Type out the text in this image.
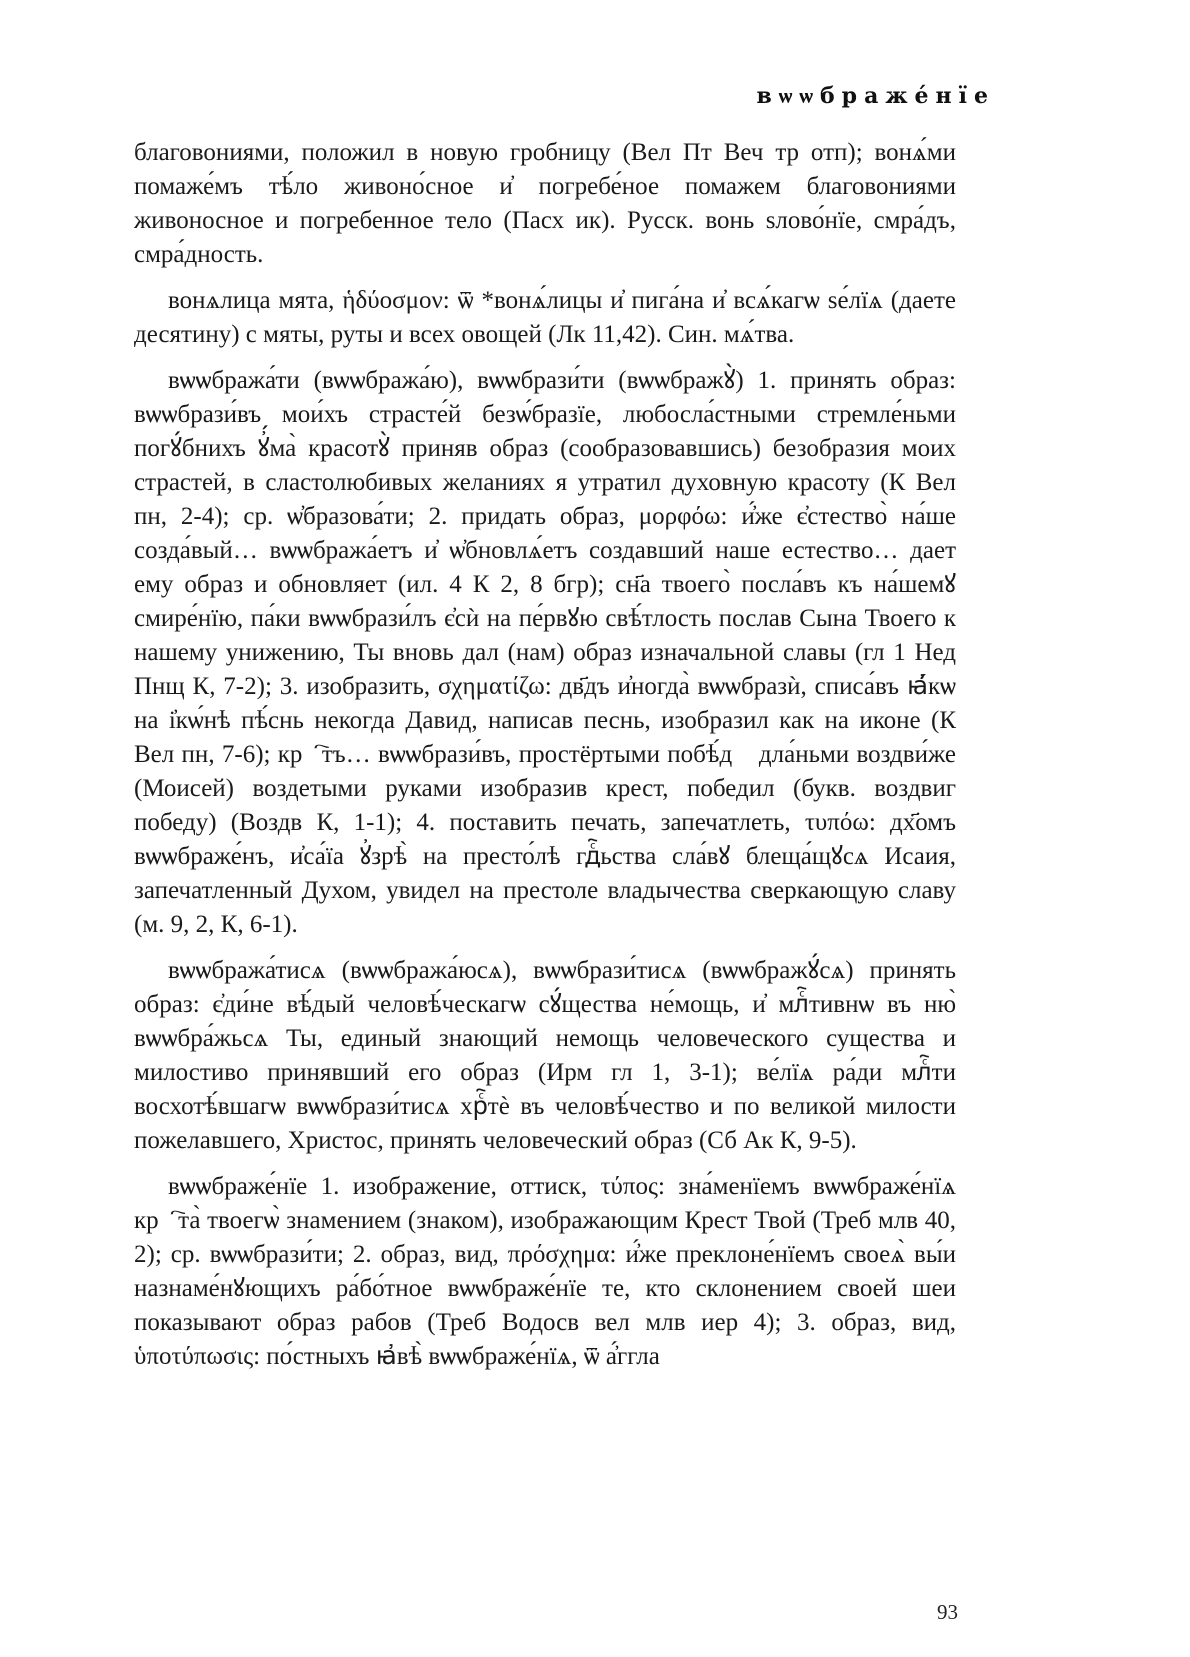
вѡѡбраже́нїе

благовониями, положил в новую гробницу (Вел Пт Веч тр отп); вонѧ́ми помаже́мъ тѣ́ло живоно́сное и҆ погребе́ное помажем благовониями живоносное и погребенное тело (Пасх ик). Русск. вонь ѕлово́нїе, смра́дъ, смра́дность.

вонѧлица мята, ἡδύοσμον: ѿ *вонѧ́лицы и҆ пига́на и҆ всѧ́кагѡ ѕе́лїѧ (даете десятину) с мяты, руты и всех овощей (Лк 11,42). Син. мѧ́тва.

вѡѡбража́ти (вѡѡбража́ю), вѡѡбрази́ти (вѡѡбражꙋ̀) 1. принять образ: вѡѡбрази́въ мои́хъ страсте́й безѡ́бразїе, любосла́стными стремле́ньми погꙋ́бнихъ ꙋ҆́ма̀ красотꙋ̀ приняв образ (сообразовавшись) безобразия моих страстей, в сластолюбивых желаниях я утратил духовную красоту (К Вел пн, 2-4); ср. ѡ҆бразова́ти; 2. придать образ, μορφόω: и҆́же є҆стество̀ на́ше созда́вый… вѡѡбража́етъ и҆ ѡ҆бновлѧ́етъ создавший наше естество… дает ему образ и обновляет (ил. 4 К 2, 8 бгр); сн҃а твоего̀ посла́въ къ на́шемꙋ смире́нїю, па́ки вѡѡбрази́лъ є҆сѝ на пе́рвꙋю свѣ́тлость послав Сына Твоего к нашему унижению, Ты вновь дал (нам) образ изначальной славы (гл 1 Нед Пнщ К, 7-2); 3. изобразить, σχηματίζω: дв҃дъ и҆ногда̀ вѡѡбразѝ, списа́въ ꙗ҆́кѡ на і҆кѡ́нѣ пѣ́снь некогда Давид, написав песнь, изобразил как на иконе (К Вел пн, 7-6); крⷭ҇тъ… вѡѡбрази́въ, простёртыми побѣ́дꙋ дла́ньми воздви́же (Моисей) воздетыми руками изобразив крест, победил (букв. воздвиг победу) (Воздв К, 1-1); 4. поставить печать, запечатлеть, τυπόω: дх҃омъ вѡѡбраже́нъ, и҆са́їа ꙋ҆зрѣ̀ на престо́лѣ гдⷭ҇ьства сла́вꙋ блеща́щꙋсѧ Исаия, запечатленный Духом, увидел на престоле владычества сверкающую славу (м. 9, 2, К, 6-1).

вѡѡбража́тисѧ (вѡѡбража́юсѧ), вѡѡбрази́тисѧ (вѡѡбражꙋ́сѧ) принять образ: є҆ди́не вѣ́дый человѣ́ческагѡ сꙋ́щества не́мощь, и҆ млⷭ҇тивнѡ въ ню̀ вѡѡбра́жьсѧ Ты, единый знающий немощь человеческого существа и милостиво принявший его образ (Ирм гл 1, 3-1); ве́лїѧ ра́ди млⷭ҇ти восхотѣ́вшагѡ вѡѡбрази́тисѧ хрⷭ҇тѐ въ человѣ́чество и по великой милости пожелавшего, Христос, принять человеческий образ (Сб Ак К, 9-5).

вѡѡбраже́нїе 1. изображение, оттиск, τύπος: зна́менїемъ вѡѡбраже́нїѧ крⷭ҇та̀ твоегѡ̀ знамением (знаком), изображающим Крест Твой (Треб млв 40, 2); ср. вѡѡбрази́ти; 2. образ, вид, πρόσχημα: и҆́же преклоне́нїемъ своеѧ̀ вы́и назнаме́нꙋющихъ ра́бо́тное вѡѡбраже́нїе те, кто склонением своей шеи показывают образ рабов (Треб Водосв вел млв иер 4); 3. образ, вид, ὑποτύπωσις: по́стныхъ ꙗ҆вѣ̀ вѡѡбраже́нїѧ, ѿ а҆́ггла

93
